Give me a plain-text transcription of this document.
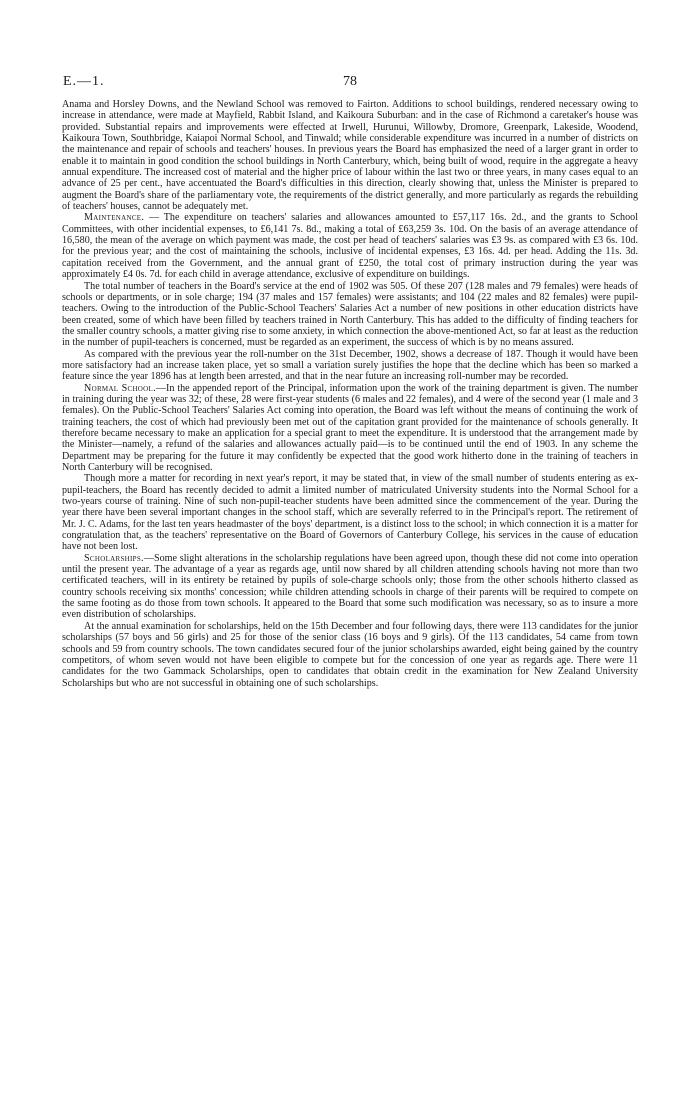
E.—1.	78

Anama and Horsley Downs, and the Newland School was removed to Fairton. Additions to school buildings, rendered necessary owing to increase in attendance, were made at Mayfield, Rabbit Island, and Kaikoura Suburban: and in the case of Richmond a caretaker's house was provided. Substantial repairs and improvements were effected at Irwell, Hurunui, Willowby, Dromore, Greenpark, Lakeside, Woodend, Kaikoura Town, Southbridge, Kaiapoi Normal School, and Tinwald; while considerable expenditure was incurred in a number of districts on the maintenance and repair of schools and teachers' houses. In previous years the Board has emphasized the need of a larger grant in order to enable it to maintain in good condition the school buildings in North Canterbury, which, being built of wood, require in the aggregate a heavy annual expenditure. The increased cost of material and the higher price of labour within the last two or three years, in many cases equal to an advance of 25 per cent., have accentuated the Board's difficulties in this direction, clearly showing that, unless the Minister is prepared to augment the Board's share of the parliamentary vote, the requirements of the district generally, and more particularly as regards the rebuilding of teachers' houses, cannot be adequately met.

Maintenance. — The expenditure on teachers' salaries and allowances amounted to £57,117 16s. 2d., and the grants to School Committees, with other incidential expenses, to £6,141 7s. 8d., making a total of £63,259 3s. 10d. On the basis of an average attendance of 16,580, the mean of the average on which payment was made, the cost per head of teachers' salaries was £3 9s. as compared with £3 6s. 10d. for the previous year; and the cost of maintaining the schools, inclusive of incidental expenses, £3 16s. 4d. per head. Adding the 11s. 3d. capitation received from the Government, and the annual grant of £250, the total cost of primary instruction during the year was approximately £4 0s. 7d. for each child in average attendance, exclusive of expenditure on buildings.

The total number of teachers in the Board's service at the end of 1902 was 505. Of these 207 (128 males and 79 females) were heads of schools or departments, or in sole charge; 194 (37 males and 157 females) were assistants; and 104 (22 males and 82 females) were pupil-teachers. Owing to the introduction of the Public-School Teachers' Salaries Act a number of new positions in other education districts have been created, some of which have been filled by teachers trained in North Canterbury. This has added to the difficulty of finding teachers for the smaller country schools, a matter giving rise to some anxiety, in which connection the above-mentioned Act, so far at least as the reduction in the number of pupil-teachers is concerned, must be regarded as an experiment, the success of which is by no means assured.

As compared with the previous year the roll-number on the 31st December, 1902, shows a decrease of 187. Though it would have been more satisfactory had an increase taken place, yet so small a variation surely justifies the hope that the decline which has been so marked a feature since the year 1896 has at length been arrested, and that in the near future an increasing roll-number may be recorded.

Normal School.—In the appended report of the Principal, information upon the work of the training department is given. The number in training during the year was 32; of these, 28 were first-year students (6 males and 22 females), and 4 were of the second year (1 male and 3 females). On the Public-School Teachers' Salaries Act coming into operation, the Board was left without the means of continuing the work of training teachers, the cost of which had previously been met out of the capitation grant provided for the maintenance of schools generally. It therefore became necessary to make an application for a special grant to meet the expenditure. It is understood that the arrangement made by the Minister—namely, a refund of the salaries and allowances actually paid—is to be continued until the end of 1903. In any scheme the Department may be preparing for the future it may confidently be expected that the good work hitherto done in the training of teachers in North Canterbury will be recognised.

Though more a matter for recording in next year's report, it may be stated that, in view of the small number of students entering as ex-pupil-teachers, the Board has recently decided to admit a limited number of matriculated University students into the Normal School for a two-years course of training. Nine of such non-pupil-teacher students have been admitted since the commencement of the year. During the year there have been several important changes in the school staff, which are severally referred to in the Principal's report. The retirement of Mr. J. C. Adams, for the last ten years headmaster of the boys' department, is a distinct loss to the school; in which connection it is a matter for congratulation that, as the teachers' representative on the Board of Governors of Canterbury College, his services in the cause of education have not been lost.

Scholarships.—Some slight alterations in the scholarship regulations have been agreed upon, though these did not come into operation until the present year. The advantage of a year as regards age, until now shared by all children attending schools having not more than two certificated teachers, will in its entirety be retained by pupils of sole-charge schools only; those from the other schools hitherto classed as country schools receiving six months' concession; while children attending schools in charge of their parents will be required to compete on the same footing as do those from town schools. It appeared to the Board that some such modification was necessary, so as to insure a more even distribution of scholarships.

At the annual examination for scholarships, held on the 15th December and four following days, there were 113 candidates for the junior scholarships (57 boys and 56 girls) and 25 for those of the senior class (16 boys and 9 girls). Of the 113 candidates, 54 came from town schools and 59 from country schools. The town candidates secured four of the junior scholarships awarded, eight being gained by the country competitors, of whom seven would not have been eligible to compete but for the concession of one year as regards age. There were 11 candidates for the two Gammack Scholarships, open to candidates that obtain credit in the examination for New Zealand University Scholarships but who are not successful in obtaining one of such scholarships.
